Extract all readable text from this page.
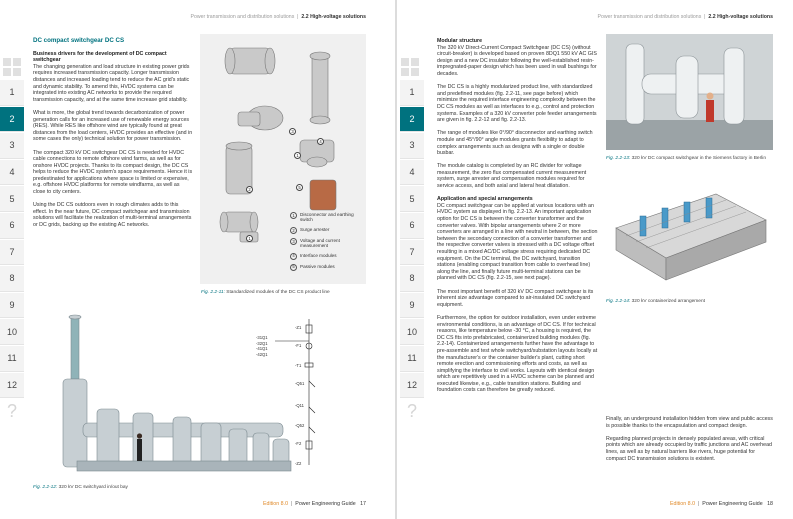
Power transmission and distribution solutions  |  2.2 High-voltage solutions
1
2
3
4
5
6
7
8
9
10
11
12
?
DC compact switchgear DC CS
Business drivers for the development of DC compact switchgear

The changing generation and load structure in existing power grids requires increased transmission capacity. Longer transmission distances and increased loading tend to reduce the AC grid's static and dynamic stability. To amend this, HVDC systems can be integrated into existing AC networks to provide the required transmission capacity, and at the same time increase grid stability.

What is more, the global trend towards decarbonization of power generation calls for an increased use of renewable energy sources (RES). While RES like offshore wind are typically found at great distances from the load centers, HVDC provides an effective (and in some cases the only) technical solution for power transmission.

The compact 320 kV DC switchgear DC CS is needed for HVDC cable connections to remote offshore wind farms, as well as for onshore HVDC projects. Thanks to its compact design, the DC CS helps to reduce the HVDC system's space requirements. Hence it is predestinated for applications where space is limited or expensive, e.g. offshore HVDC platforms for remote windfarms, as well as close to city centers.

Using the DC CS outdoors even in rough climates adds to this effect. In the near future, DC compact switchgear and transmission solutions will facilitate the realization of multi-terminal arrangements or DC grids, backing up the existing AC networks.

3
4
1
2	5
1
1	Disconnector and earthing switch
2	Surge arrester
3	Voltage and current measurement
4	Interface modules
5	Passive modules
Fig. 2.2-11: Standardized modules of the DC CS product line
-31Q1
-32Q1
-41Q1
-42Q1
-Z1
-F1
-T1
-Q51
-Q11
-Q52
-F2
-Z2
Fig. 2.2-12: 320 kV DC switchyard in/out bay
Edition 8.0  |  Power Engineering Guide 17
Power transmission and distribution solutions  |  2.2 High-voltage solutions
1
2
3
4
5
6
7
8
9
10
11
12
?
Modular structure

The 320 kV Direct-Current Compact Switchgear (DC CS) (without circuit-breaker) is developed based on proven 8DQ1 550 kV AC GIS design and a new DC insulator following the well-established resin-impregnated-paper design which has been used in wall bushings for decades.

The DC CS is a highly modularized product line, with standardized and predefined modules (fig. 2.2-11, see page before) which minimize the required interface engineering complexity between the DC CS modules as well as interfaces to e.g., control and protection systems. Examples of a 320 kV converter pole feeder arrangements are given in fig. 2.2-12 and fig. 2.2-13.

The range of modules like 0°/90° disconnector and earthing switch module and 45°/90° angle modules grants flexibility to adapt to complex arrangements such as designs with a single or double busbar.

The module catalog is completed by an RC divider for voltage measurement, the zero flux compensated current measurement system, surge arrester and compensation modules required for service access, and both axial and lateral heat dilatation.

Application and special arrangements

DC compact switchgear can be applied at various locations with an HVDC system as displayed in fig. 2.2-13. An important application option for DC CS is between the converter transformer and the converter valves. With bipolar arrangements where 2 or more converters are arranged in a line with neutral in between, the section between the secondary connection of a converter transformer and the respective converter valves is stressed with a DC voltage offset resulting in a mixed AC/DC voltage stress requiring dedicated DC equipment. On the DC terminal, the DC switchyard, transition stations (enabling compact transition from cable to overhead line) along the line, and finally future multi-terminal stations can be planned with DC CS (fig. 2.2-15, see next page).

The most important benefit of 320 kV DC compact switchgear is its inherent size advantage compared to air-insulated DC switchyard equipment.

Furthermore, the option for outdoor installation, even under extreme environmental conditions, is an advantage of DC CS. If for technical reasons, like temperature below -30 °C, a housing is required, the DC CS fits into prefabricated, containerized building modules (fig. 2.2-14). Containerized arrangements further have the advantage to pre-assemble and test whole switchyard/substation layouts locally at the manufacturer's or the container builder's plant, cutting short remote erection and commissioning efforts and costs, as well as simplifying the interface to civil works. Layouts with identical design which are repetitively used in a HVDC scheme can be planned and executed likewise, e.g., cable transition stations. Building and foundation costs can therefore be greatly reduced.

Fig. 2.2-13: 320 kV DC compact switchgear in the Siemens factory in Berlin
Fig. 2.2-14: 320 kV containerized arrangement

Finally, an underground installation hidden from view and public access is possible thanks to the encapsulation and compact design.

Regarding planned projects in densely populated areas, with critical points which are already occupied by traffic junctions and AC overhead lines, as well as by natural barriers like rivers, huge potential for compact DC transmission solutions is existent.

Edition 8.0  |  Power Engineering Guide 18
